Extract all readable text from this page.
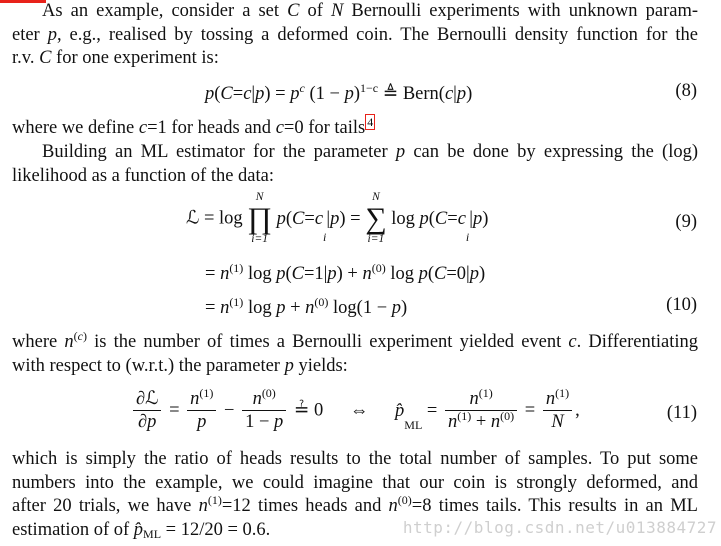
As an example, consider a set C of N Bernoulli experiments with unknown param-
eter p, e.g., realised by tossing a deformed coin. The Bernoulli density function for the
r.v. C for one experiment is:
$p(C=c|p) = p^c$ $(1 - p)^{1-c}$ ≜ Bern(c|p)	(8)
where we define c=1 for heads and c=0 for tails $^4$
Building an ML estimator for the parameter p can be done by expressing the (log)
likelihood as a function of the data:
ℒ = log
N
∏
i=1
$p(C=c_i|p)$ =
N
∑
i=1
$\log p(C=c_i|p)$	(9)
= $n^{(1)}$ $\log p(C=1|p) + n^{(0)}$ log p(C=0|p)
= $n^{(1)}$ $\log p + n^{(0)}$ log(1 − p)	(10)
where $n^{(c)}$ is the number of times a Bernoulli experiment yielded event c. Differentiating
with respect to (w.r.t.) the parameter p yields:
$\frac{\text{∂ℒ}}{\partial p} = \frac{n^{(1)}}{p} - \frac{n^{(0)}}{1 - p}$ ≟ 0 ⇔ $p̂_{ML} = \frac{n^{(1)}}{n^{(1)} + n^{(0)}} = \frac{n^{(1)}}{N}$ ,	(11)
which is simply the ratio of heads results to the total number of samples. To put some
numbers into the example, we could imagine that our coin is strongly deformed, and
after 20 trials, we have $n^{(1)}=12$ times heads and $n^{(0)}=8$ times tails. This results in an ML
estimation of of $p̂_{ML} = 12/20 = 0.6$.	http://blog.csdn.net/u013884727
